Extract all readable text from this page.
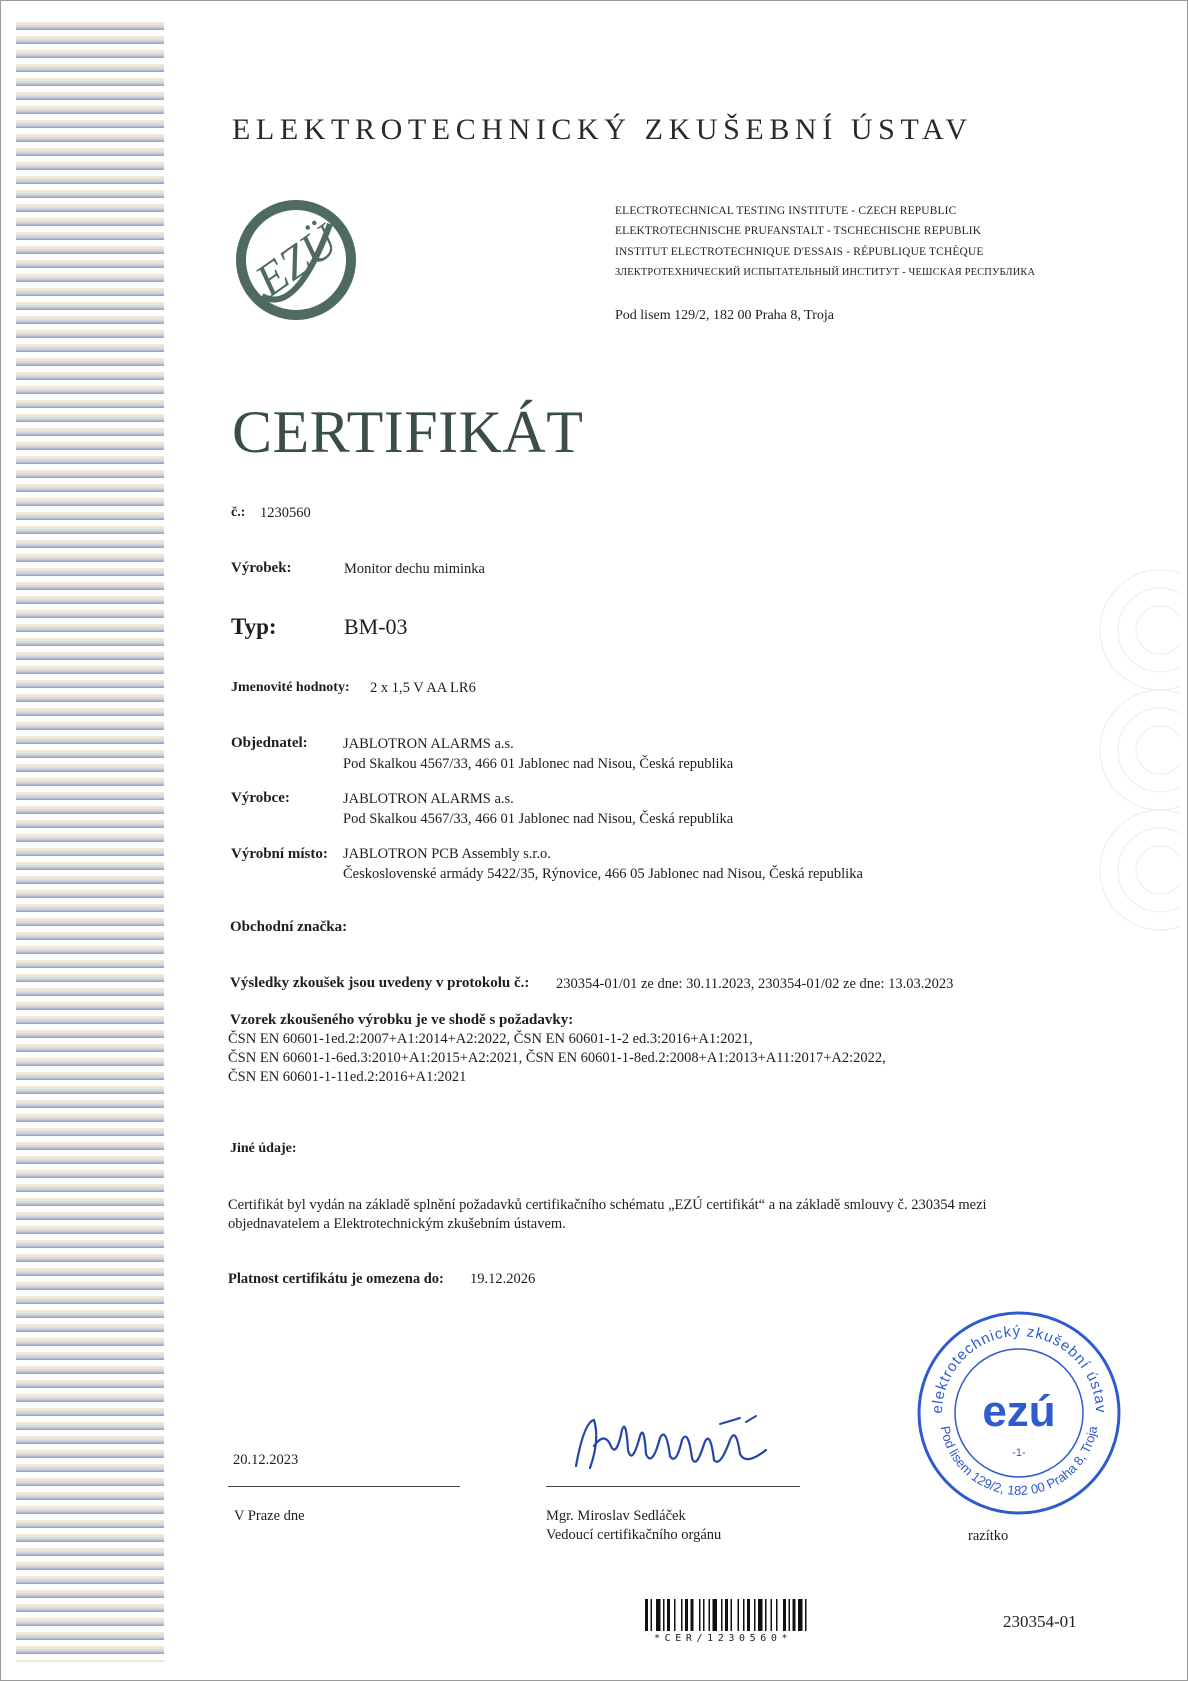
ELEKTROTECHNICKÝ ZKUŠEBNÍ ÚSTAV
EZÜ
ELECTROTECHNICAL TESTING INSTITUTE - CZECH REPUBLIC
ELEKTROTECHNISCHE PRUFANSTALT - TSCHECHISCHE REPUBLIK
INSTITUT ELECTROTECHNIQUE D'ESSAIS - RÉPUBLIQUE TCHÈQUE
ЗЛЕКТРОТЕХНИЧЕСКИЙ ИСПЫТАТЕЛЬНЫЙ ИНСТИТУТ - ЧЕШСКАЯ РЕСПУБЛИКА
Pod lisem 129/2, 182 00 Praha 8, Troja
CERTIFIKÁT
č.: 1230560
Výrobek:	Monitor dechu miminka
Typ:	BM-03
Jmenovité hodnoty: 2 x 1,5 V AA LR6
Objednatel: JABLOTRON ALARMS a.s.
Pod Skalkou 4567/33, 466 01 Jablonec nad Nisou, Česká republika
Výrobce:	JABLOTRON ALARMS a.s.
Pod Skalkou 4567/33, 466 01 Jablonec nad Nisou, Česká republika
Výrobní místo: JABLOTRON PCB Assembly s.r.o.
Československé armády 5422/35, Rýnovice, 466 05 Jablonec nad Nisou, Česká republika
Obchodní značka:
Výsledky zkoušek jsou uvedeny v protokolu č.: 230354-01/01 ze dne: 30.11.2023, 230354-01/02 ze dne: 13.03.2023
Vzorek zkoušeného výrobku je ve shodě s požadavky:
ČSN EN 60601-1ed.2:2007+A1:2014+A2:2022, ČSN EN 60601-1-2 ed.3:2016+A1:2021,
ČSN EN 60601-1-6ed.3:2010+A1:2015+A2:2021, ČSN EN 60601-1-8ed.2:2008+A1:2013+A11:2017+A2:2022,
ČSN EN 60601-1-11ed.2:2016+A1:2021
Jiné údaje:
Certifikát byl vydán na základě splnění požadavků certifikačního schématu „EZÚ certifikát“ a na základě smlouvy č. 230354 mezi
objednavatelem a Elektrotechnickým zkušebním ústavem.
Platnost certifikátu je omezena do: 19.12.2026
20.12.2023
V Praze dne	Mgr. Miroslav Sedláček
Vedoucí certifikačního orgánu
elektrotechnický zkušební ústav
Pod lisem 129/2, 182 00 Praha 8, Troja
ezú
-1-
razítko
*CER/1230560*
230354-01
